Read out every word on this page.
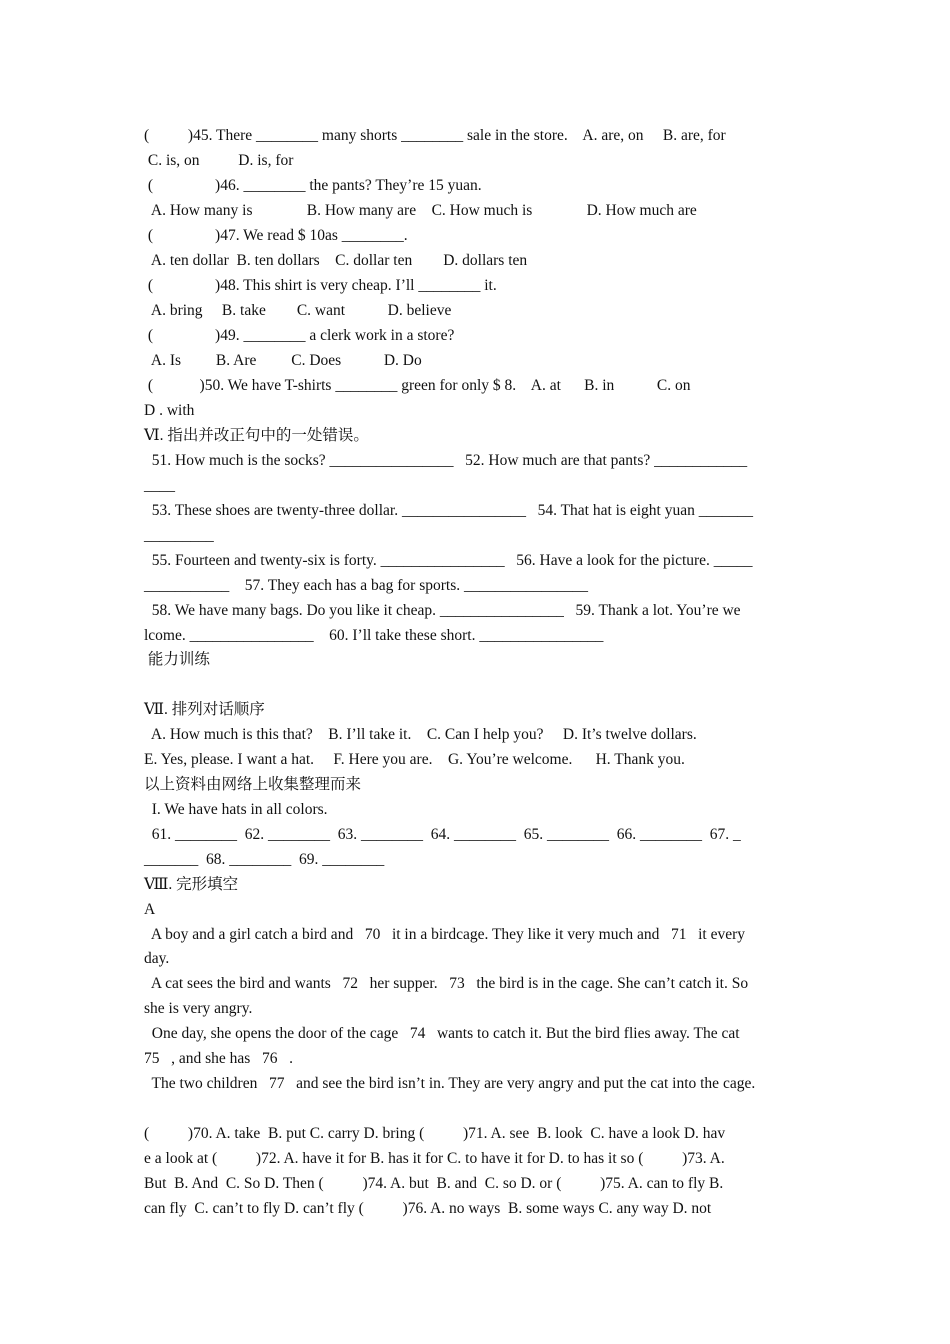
(          )45. There ________ many shorts ________ sale in the store.    A. are, on     B. are, for
C. is, on          D. is, for
(                )46. ________ the pants? They’re 15 yuan.
A. How many is              B. How many are    C. How much is              D. How much are
(                )47. We read $ 10as ________.
A. ten dollar  B. ten dollars    C. dollar ten        D. dollars ten
(                )48. This shirt is very cheap. I’ll ________ it.
A. bring     B. take        C. want           D. believe
(                )49. ________ a clerk work in a store?
A. Is         B. Are         C. Does           D. Do
(            )50. We have T-shirts ________ green for only $ 8.    A. at      B. in           C. on
D . with
Ⅵ. 指出并改正句中的一处错误。
51. How much is the socks? ________________   52. How much are that pants? ____________
____
53. These shoes are twenty-three dollar. ________________   54. That hat is eight yuan _______
_________
55. Fourteen and twenty-six is forty. ________________   56. Have a look for the picture. _____
___________    57. They each has a bag for sports. ________________
58. We have many bags. Do you like it cheap. ________________   59. Thank a lot. You’re we
lcome. ________________    60. I’ll take these short. ________________
能力训练
Ⅶ. 排列对话顺序
A. How much is this that?    B. I’ll take it.    C. Can I help you?     D. It’s twelve dollars.
E. Yes, please. I want a hat.     F. Here you are.    G. You’re welcome.      H. Thank you.
以上资料由网络上收集整理而来
I. We have hats in all colors.
61. ________  62. ________  63. ________  64. ________  65. ________  66. ________  67. _
_______  68. ________  69. ________
Ⅷ. 完形填空
A
A boy and a girl catch a bird and   70   it in a birdcage. They like it very much and   71   it every
day.
A cat sees the bird and wants   72   her supper.   73   the bird is in the cage. She can’t catch it. So
she is very angry.
One day, she opens the door of the cage   74   wants to catch it. But the bird flies away. The cat
75   , and she has   76   .
The two children   77   and see the bird isn’t in. They are very angry and put the cat into the cage.
(          )70. A. take  B. put C. carry D. bring (          )71. A. see  B. look  C. have a look D. hav
e a look at (          )72. A. have it for B. has it for C. to have it for D. to has it so (          )73. A.
But  B. And  C. So D. Then (          )74. A. but  B. and  C. so D. or (          )75. A. can to fly B.
can fly  C. can’t to fly D. can’t fly (          )76. A. no ways  B. some ways C. any way D. not
